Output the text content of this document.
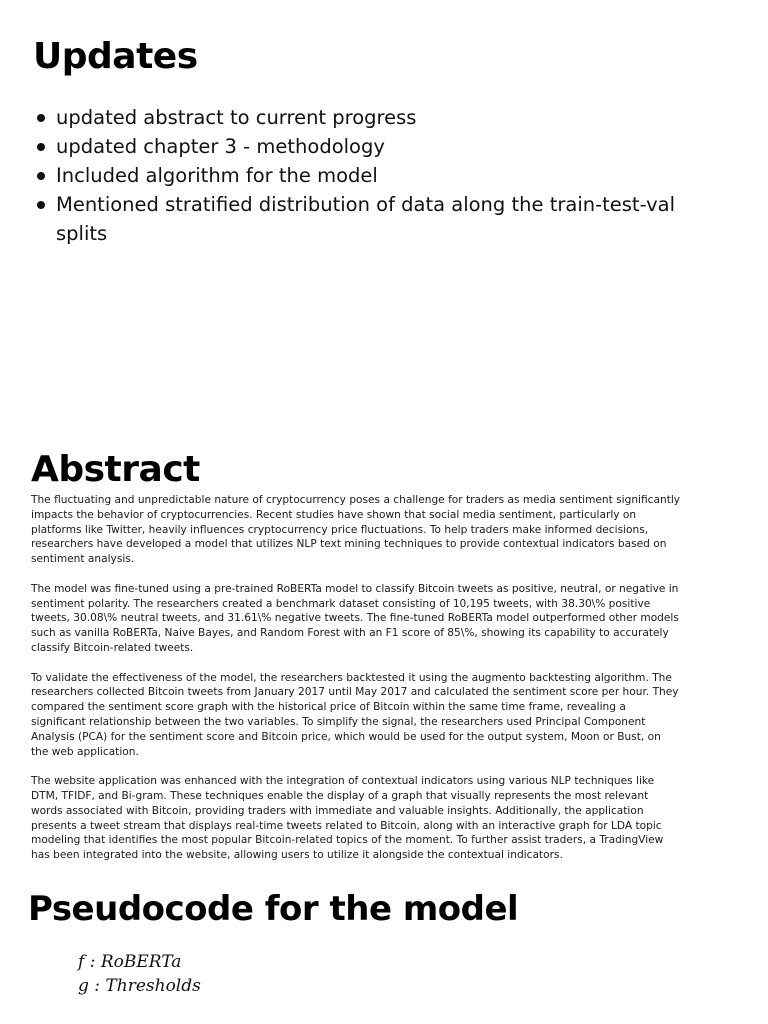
Updates
updated abstract to current progress
updated chapter 3 - methodology
Included algorithm for the model
Mentioned stratified distribution of data along the train-test-val splits
Abstract

The fluctuating and unpredictable nature of cryptocurrency poses a challenge for traders as media sentiment significantly impacts the behavior of cryptocurrencies. Recent studies have shown that social media sentiment, particularly on platforms like Twitter, heavily influences cryptocurrency price fluctuations. To help traders make informed decisions, researchers have developed a model that utilizes NLP text mining techniques to provide contextual indicators based on sentiment analysis.

The model was fine-tuned using a pre-trained RoBERTa model to classify Bitcoin tweets as positive, neutral, or negative in sentiment polarity. The researchers created a benchmark dataset consisting of 10,195 tweets, with 38.30\% positive tweets, 30.08\% neutral tweets, and 31.61\% negative tweets. The fine-tuned RoBERTa model outperformed other models such as vanilla RoBERTa, Naive Bayes, and Random Forest with an F1 score of 85\%, showing its capability to accurately classify Bitcoin-related tweets.

To validate the effectiveness of the model, the researchers backtested it using the augmento backtesting algorithm. The researchers collected Bitcoin tweets from January 2017 until May 2017 and calculated the sentiment score per hour. They compared the sentiment score graph with the historical price of Bitcoin within the same time frame, revealing a significant relationship between the two variables. To simplify the signal, the researchers used Principal Component Analysis (PCA) for the sentiment score and Bitcoin price, which would be used for the output system, Moon or Bust, on the web application.

The website application was enhanced with the integration of contextual indicators using various NLP techniques like DTM, TFIDF, and Bi-gram. These techniques enable the display of a graph that visually represents the most relevant words associated with Bitcoin, providing traders with immediate and valuable insights. Additionally, the application presents a tweet stream that displays real-time tweets related to Bitcoin, along with an interactive graph for LDA topic modeling that identifies the most popular Bitcoin-related topics of the moment. To further assist traders, a TradingView has been integrated into the website, allowing users to utilize it alongside the contextual indicators.

Pseudocode for the model
f : RoBERTa
g : Thresholds
